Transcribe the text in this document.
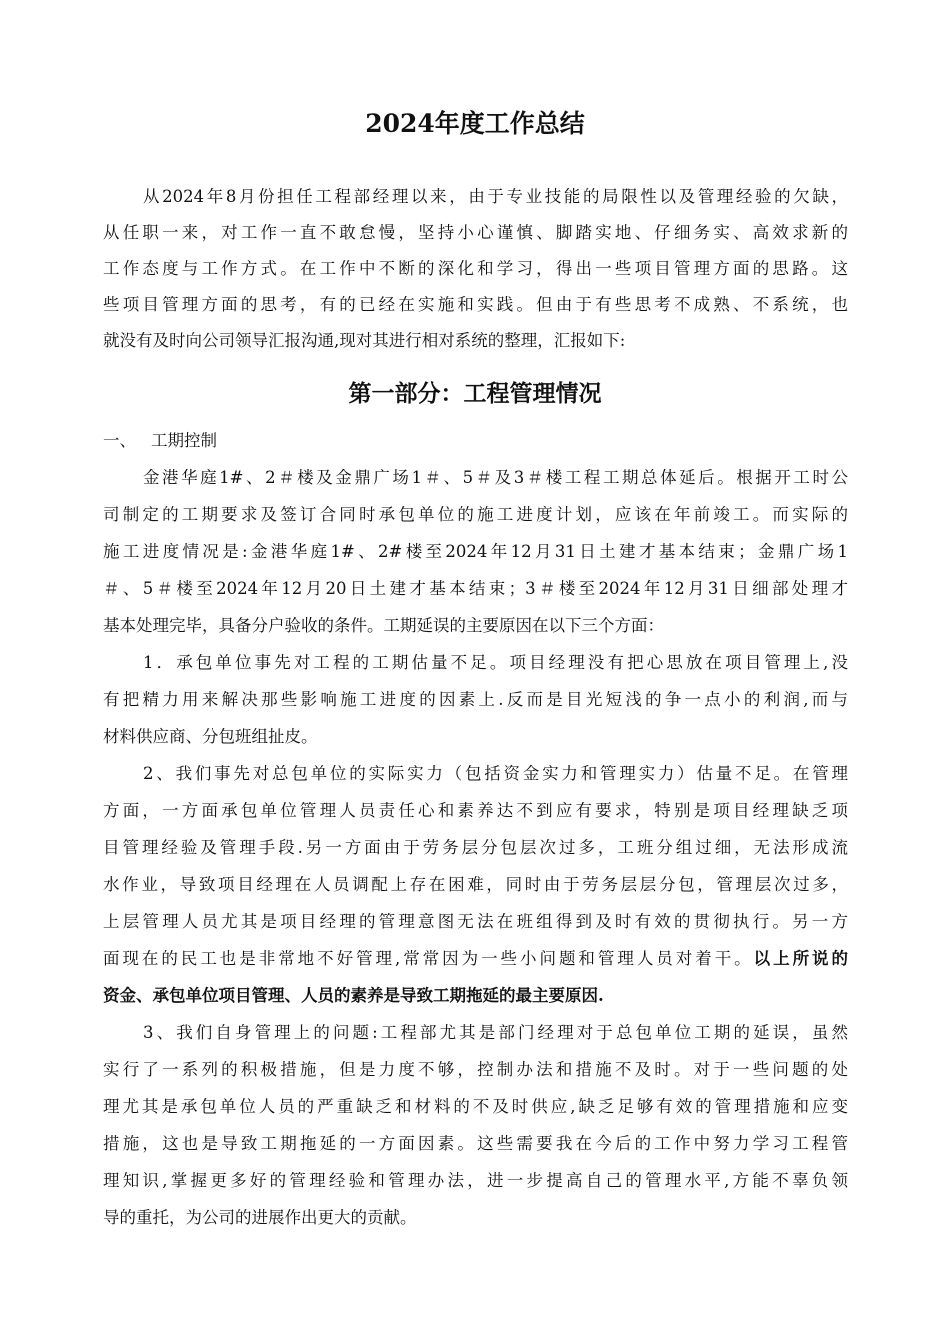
2024年度工作总结
从2024年8月份担任工程部经理以来，由于专业技能的局限性以及管理经验的欠缺，
从任职一来，对工作一直不敢怠慢，坚持小心谨慎、脚踏实地、仔细务实、高效求新的
工作态度与工作方式。在工作中不断的深化和学习，得出一些项目管理方面的思路。这
些项目管理方面的思考，有的已经在实施和实践。但由于有些思考不成熟、不系统，也
就没有及时向公司领导汇报沟通,现对其进行相对系统的整理，汇报如下:
第一部分：工程管理情况
一、 工期控制
金港华庭1#、2＃楼及金鼎广场1＃、5＃及3＃楼工程工期总体延后。根据开工时公
司制定的工期要求及签订合同时承包单位的施工进度计划，应该在年前竣工。而实际的
施工进度情况是:金港华庭1#、2#楼至2024年12月31日土建才基本结束；金鼎广场1
＃、5＃楼至2024年12月20日土建才基本结束；3＃楼至2024年12月31日细部处理才
基本处理完毕，具备分户验收的条件。工期延误的主要原因在以下三个方面：
1．承包单位事先对工程的工期估量不足。项目经理没有把心思放在项目管理上,没
有把精力用来解决那些影响施工进度的因素上.反而是目光短浅的争一点小的利润,而与
材料供应商、分包班组扯皮。
2、我们事先对总包单位的实际实力（包括资金实力和管理实力）估量不足。在管理
方面，一方面承包单位管理人员责任心和素养达不到应有要求，特别是项目经理缺乏项
目管理经验及管理手段.另一方面由于劳务层分包层次过多，工班分组过细，无法形成流
水作业，导致项目经理在人员调配上存在困难，同时由于劳务层层分包，管理层次过多，
上层管理人员尤其是项目经理的管理意图无法在班组得到及时有效的贯彻执行。另一方
面现在的民工也是非常地不好管理,常常因为一些小问题和管理人员对着干。以上所说的
资金、承包单位项目管理、人员的素养是导致工期拖延的最主要原因.
3、我们自身管理上的问题:工程部尤其是部门经理对于总包单位工期的延误，虽然
实行了一系列的积极措施，但是力度不够，控制办法和措施不及时。对于一些问题的处
理尤其是承包单位人员的严重缺乏和材料的不及时供应,缺乏足够有效的管理措施和应变
措施，这也是导致工期拖延的一方面因素。这些需要我在今后的工作中努力学习工程管
理知识,掌握更多好的管理经验和管理办法，进一步提高自己的管理水平,方能不辜负领
导的重托，为公司的进展作出更大的贡献。
